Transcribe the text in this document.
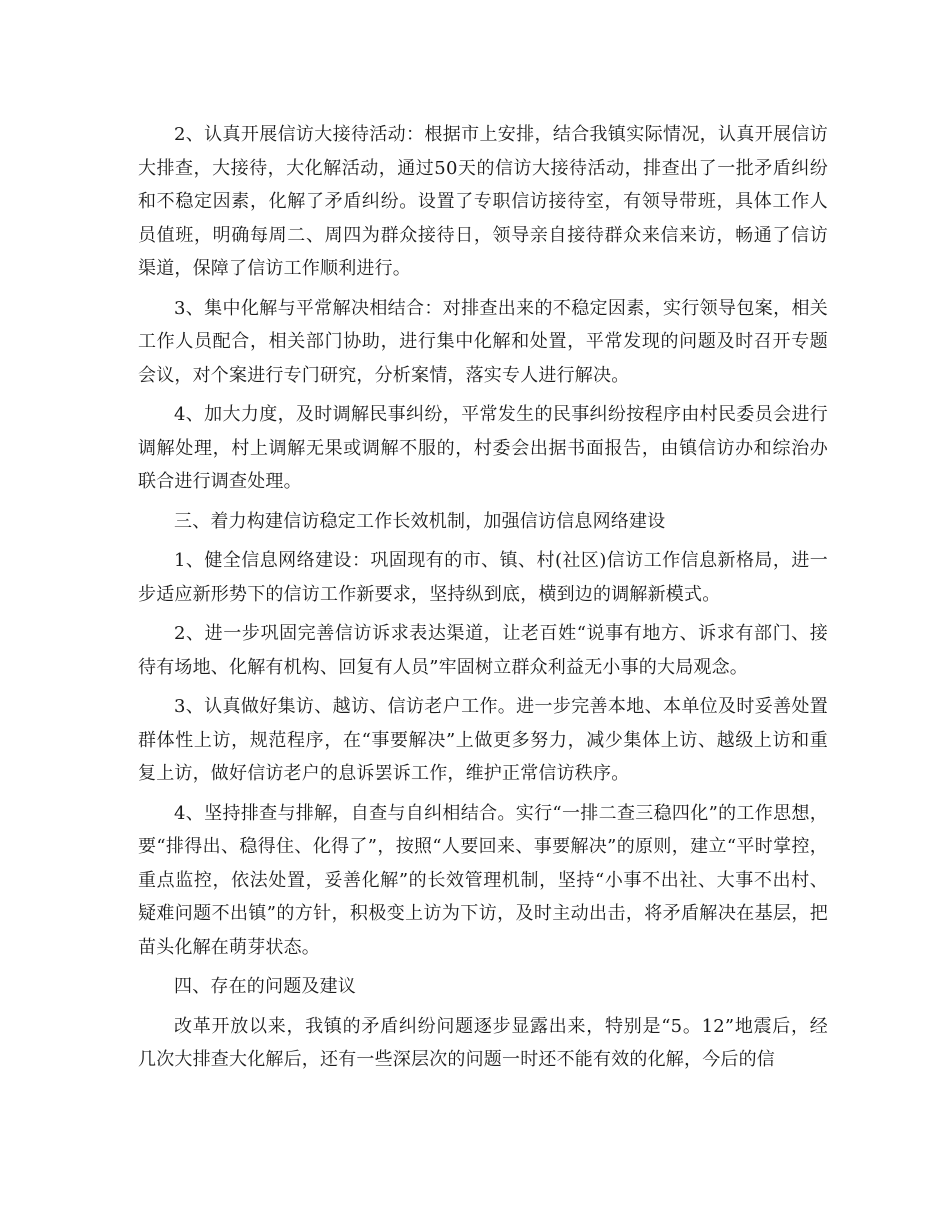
2、认真开展信访大接待活动：根据市上安排，结合我镇实际情况，认真开展信访大排查，大接待，大化解活动，通过50天的信访大接待活动，排查出了一批矛盾纠纷和不稳定因素，化解了矛盾纠纷。设置了专职信访接待室，有领导带班，具体工作人员值班，明确每周二、周四为群众接待日，领导亲自接待群众来信来访，畅通了信访渠道，保障了信访工作顺利进行。

3、集中化解与平常解决相结合：对排查出来的不稳定因素，实行领导包案，相关工作人员配合，相关部门协助，进行集中化解和处置，平常发现的问题及时召开专题会议，对个案进行专门研究，分析案情，落实专人进行解决。

4、加大力度，及时调解民事纠纷，平常发生的民事纠纷按程序由村民委员会进行调解处理，村上调解无果或调解不服的，村委会出据书面报告，由镇信访办和综治办联合进行调查处理。

三、着力构建信访稳定工作长效机制，加强信访信息网络建设

1、健全信息网络建设：巩固现有的市、镇、村(社区)信访工作信息新格局，进一步适应新形势下的信访工作新要求，坚持纵到底，横到边的调解新模式。

2、进一步巩固完善信访诉求表达渠道，让老百姓“说事有地方、诉求有部门、接待有场地、化解有机构、回复有人员”牢固树立群众利益无小事的大局观念。

3、认真做好集访、越访、信访老户工作。进一步完善本地、本单位及时妥善处置群体性上访，规范程序，在“事要解决”上做更多努力，减少集体上访、越级上访和重复上访，做好信访老户的息诉罢诉工作，维护正常信访秩序。

4、坚持排查与排解，自查与自纠相结合。实行“一排二查三稳四化”的工作思想，要“排得出、稳得住、化得了”，按照“人要回来、事要解决”的原则，建立“平时掌控，重点监控，依法处置，妥善化解”的长效管理机制，坚持“小事不出社、大事不出村、疑难问题不出镇”的方针，积极变上访为下访，及时主动出击，将矛盾解决在基层，把苗头化解在萌芽状态。

四、存在的问题及建议

改革开放以来，我镇的矛盾纠纷问题逐步显露出来，特别是“5。12”地震后，经几次大排查大化解后，还有一些深层次的问题一时还不能有效的化解，今后的信
